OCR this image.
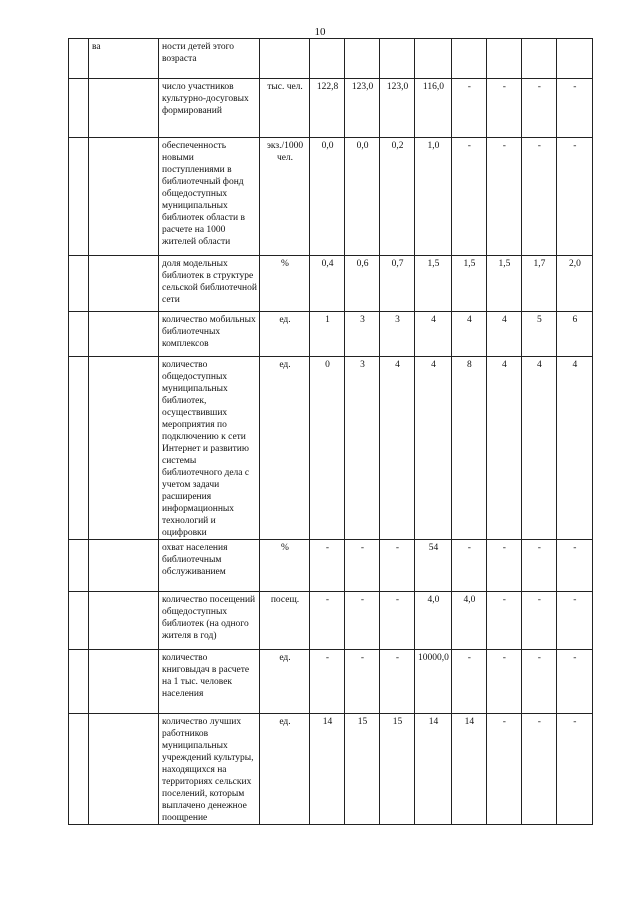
10
	ва	ности детей этого возраста									
		число участников культурно-досуговых формирований	тыс. чел.	122,8	123,0	123,0	116,0	-	-	-	-
		обеспеченность новыми поступлениями в библиотечный фонд общедоступных муниципальных библиотек области в расчете на 1000 жителей области	экз./1000 чел.	0,0	0,0	0,2	1,0	-	-	-	-
		доля модельных библиотек в структуре сельской библиотечной сети	%	0,4	0,6	0,7	1,5	1,5	1,5	1,7	2,0
		количество мобильных библиотечных комплексов	ед.	1	3	3	4	4	4	5	6
		количество общедоступных муниципальных библиотек, осуществивших мероприятия по подключению к сети Интернет и развитию системы библиотечного дела с учетом задачи расширения информационных технологий и оцифровки	ед.	0	3	4	4	8	4	4	4
		охват населения библиотечным обслуживанием	%	-	-	-	54	-	-	-	-
		количество посещений общедоступных библиотек (на одного жителя в год)	посещ.	-	-	-	4,0	4,0	-	-	-
		количество книговыдач в расчете на 1 тыс. человек населения	ед.	-	-	-	10000,0	-	-	-	-
		количество лучших работников муниципальных учреждений культуры, находящихся на территориях сельских поселений, которым выплачено денежное поощрение	ед.	14	15	15	14	14	-	-	-
